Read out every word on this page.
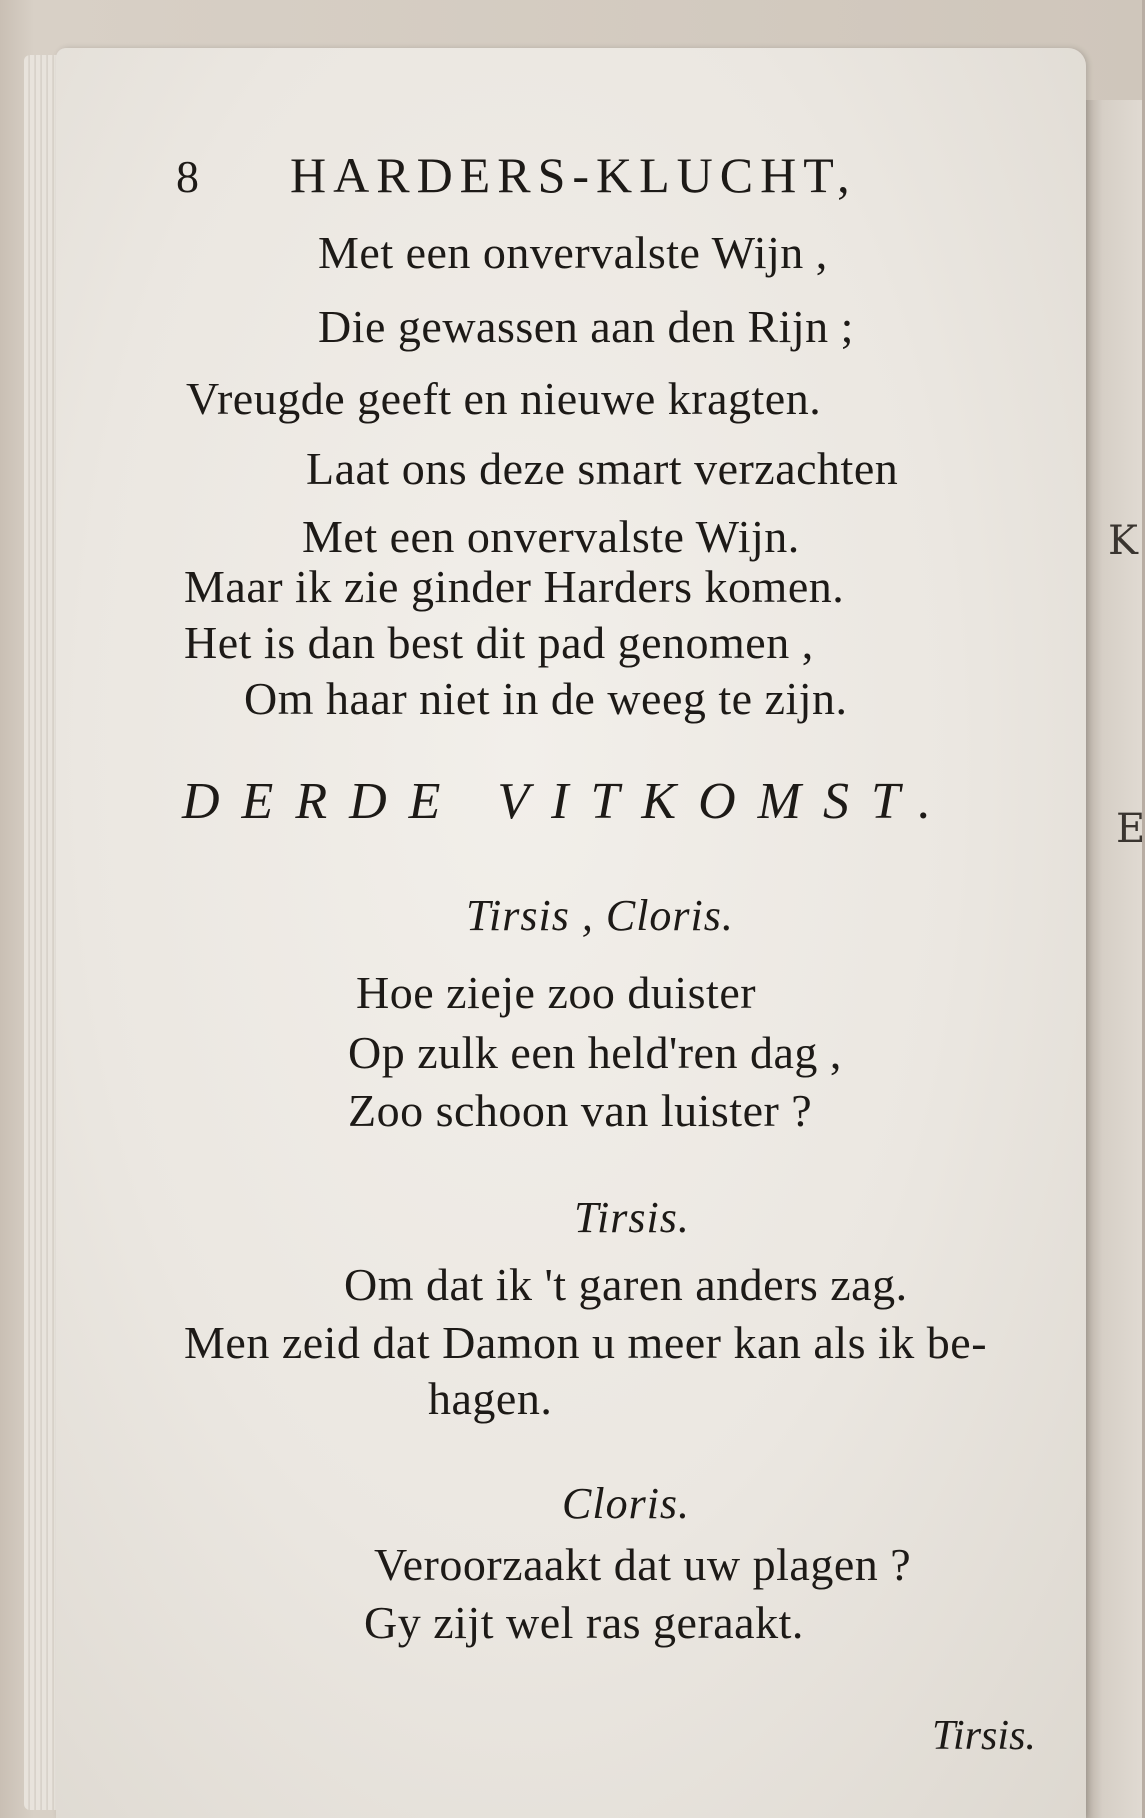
K
E
8 HARDERS-KLUCHT,
Met een onvervalste Wijn ,
Die gewassen aan den Rijn ;
Vreugde geeft en nieuwe kragten.
Laat ons deze smart verzachten
Met een onvervalste Wijn.
Maar ik zie ginder Harders komen.
Het is dan best dit pad genomen ,
Om haar niet in de weeg te zijn.
DERDE VITKOMST.
Tirsis , Cloris.
Hoe ziejе zoo duister
Op zulk een held'ren dag ,
Zoo schoon van luister ?
Tirsis.
Om dat ik 't garen anders zag.
Men zeid dat Damon u meer kan als ik be-
hagen.
Cloris.
Veroorzaakt dat uw plagen ?
Gy zijt wel ras geraakt.
Tirsis.
